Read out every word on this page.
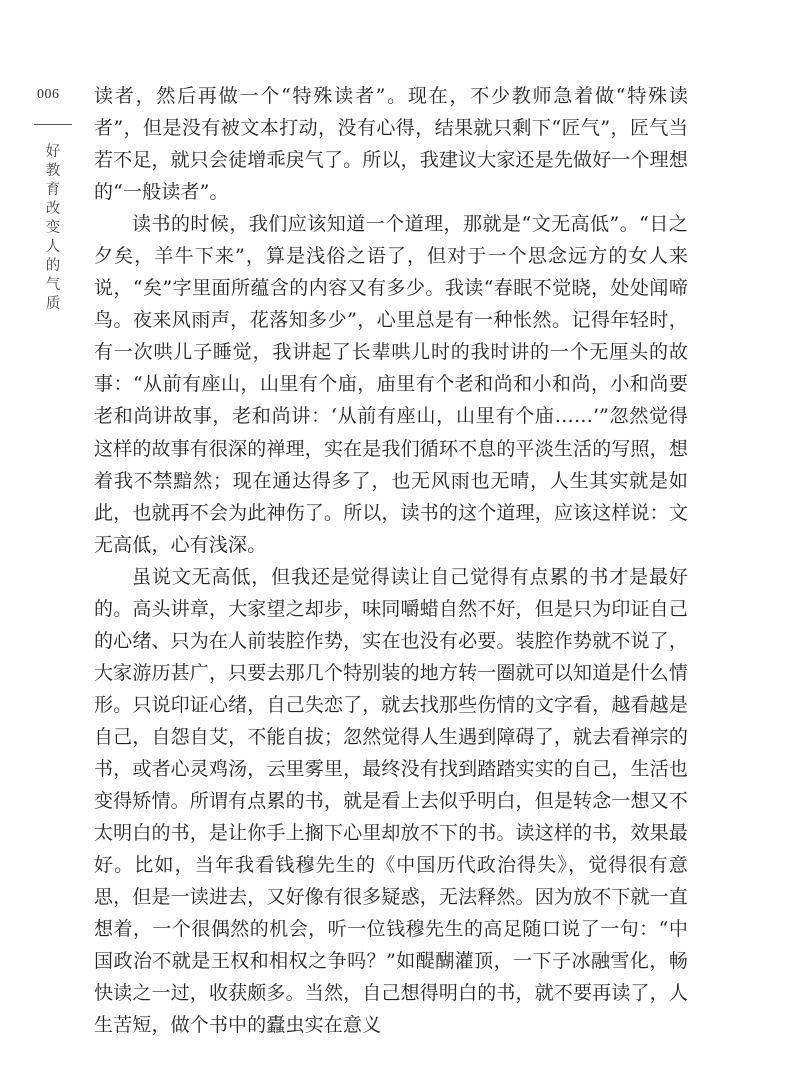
006
好教育改变人的气质

读者，然后再做一个“特殊读者”。现在，不少教师急着做“特殊读者”，但是没有被文本打动，没有心得，结果就只剩下“匠气”，匠气当若不足，就只会徒增乖戾气了。所以，我建议大家还是先做好一个理想的“一般读者”。

读书的时候，我们应该知道一个道理，那就是“文无高低”。“日之夕矣，羊牛下来”，算是浅俗之语了，但对于一个思念远方的女人来说，“矣”字里面所蕴含的内容又有多少。我读“春眠不觉晓，处处闻啼鸟。夜来风雨声，花落知多少”，心里总是有一种怅然。记得年轻时，有一次哄儿子睡觉，我讲起了长辈哄儿时的我时讲的一个无厘头的故事：“从前有座山，山里有个庙，庙里有个老和尚和小和尚，小和尚要老和尚讲故事，老和尚讲：‘从前有座山，山里有个庙……’”忽然觉得这样的故事有很深的禅理，实在是我们循环不息的平淡生活的写照，想着我不禁黯然；现在通达得多了，也无风雨也无晴，人生其实就是如此，也就再不会为此神伤了。所以，读书的这个道理，应该这样说：文无高低，心有浅深。

虽说文无高低，但我还是觉得读让自己觉得有点累的书才是最好的。高头讲章，大家望之却步，味同嚼蜡自然不好，但是只为印证自己的心绪、只为在人前装腔作势，实在也没有必要。装腔作势就不说了，大家游历甚广，只要去那几个特别装的地方转一圈就可以知道是什么情形。只说印证心绪，自己失恋了，就去找那些伤情的文字看，越看越是自己，自怨自艾，不能自拔；忽然觉得人生遇到障碍了，就去看禅宗的书，或者心灵鸡汤，云里雾里，最终没有找到踏踏实实的自己，生活也变得矫情。所谓有点累的书，就是看上去似乎明白，但是转念一想又不太明白的书，是让你手上搁下心里却放不下的书。读这样的书，效果最好。比如，当年我看钱穆先生的《中国历代政治得失》，觉得很有意思，但是一读进去，又好像有很多疑惑，无法释然。因为放不下就一直想着，一个很偶然的机会，听一位钱穆先生的高足随口说了一句：“中国政治不就是王权和相权之争吗？”如醍醐灌顶，一下子冰融雪化，畅快读之一过，收获颇多。当然，自己想得明白的书，就不要再读了，人生苦短，做个书中的蠹虫实在意义
